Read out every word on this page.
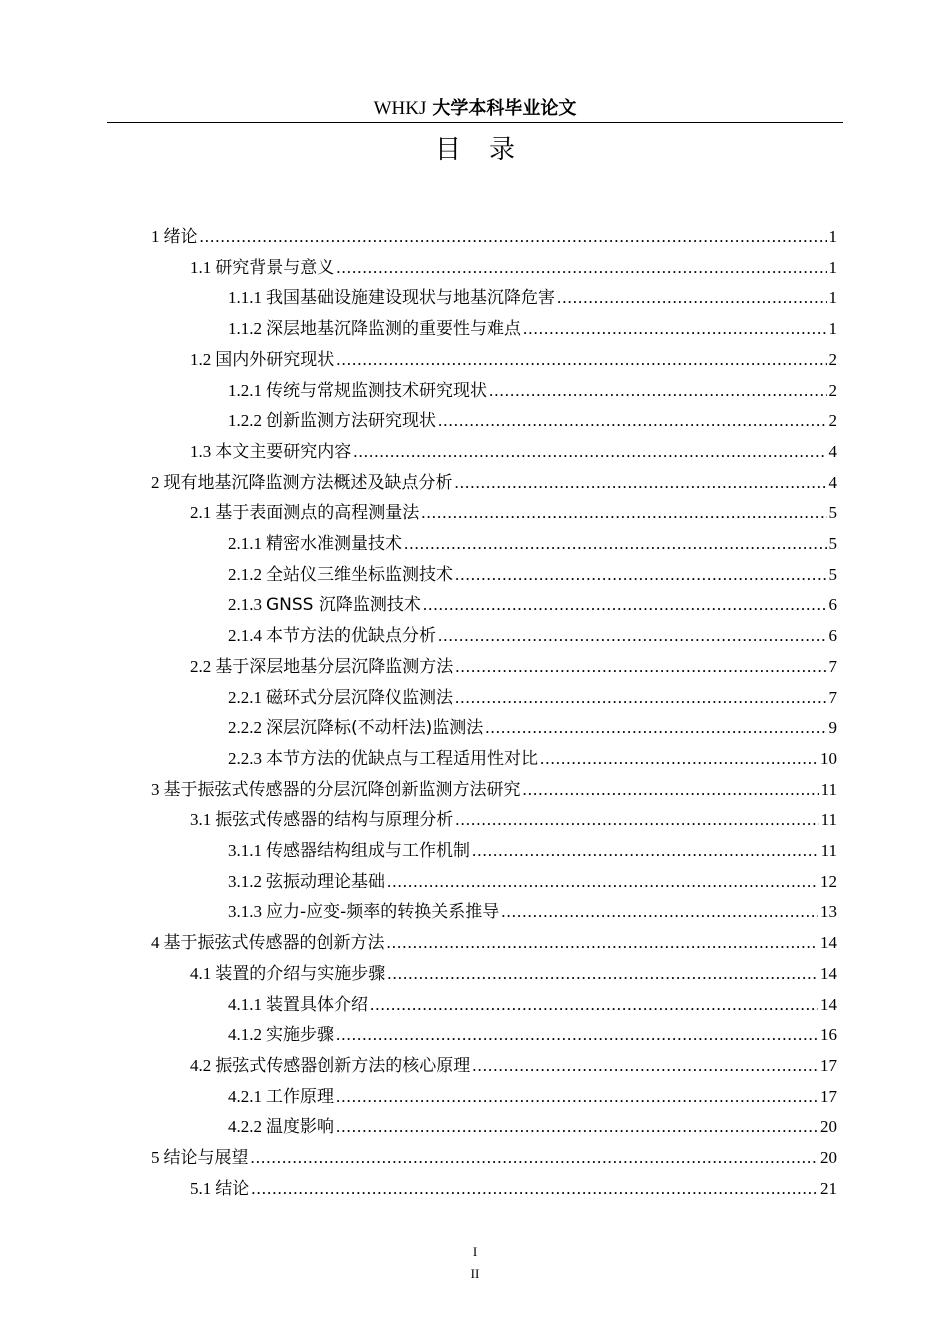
WHKJ 大学本科毕业论文
目录
1 绪论 .....	1
1.1 研究背景与意义 .....	1
1.1.1 我国基础设施建设现状与地基沉降危害 .....	1
1.1.2 深层地基沉降监测的重要性与难点 .....	1
1.2 国内外研究现状 .....	2
1.2.1 传统与常规监测技术研究现状 .....	2
1.2.2 创新监测方法研究现状 .....	2
1.3 本文主要研究内容 .....	4
2 现有地基沉降监测方法概述及缺点分析 .....	4
2.1 基于表面测点的高程测量法 .....	5
2.1.1 精密水准测量技术 .....	5
2.1.2 全站仪三维坐标监测技术 .....	5
2.1.3 GNSS 沉降监测技术 .....	6
2.1.4 本节方法的优缺点分析 .....	6
2.2 基于深层地基分层沉降监测方法 .....	7
2.2.1 磁环式分层沉降仪监测法 .....	7
2.2.2 深层沉降标(不动杆法)监测法 .....	9
2.2.3 本节方法的优缺点与工程适用性对比 .....	10
3 基于振弦式传感器的分层沉降创新监测方法研究 .....	11
3.1 振弦式传感器的结构与原理分析 .....	11
3.1.1 传感器结构组成与工作机制 .....	11
3.1.2 弦振动理论基础 .....	12
3.1.3 应力-应变-频率的转换关系推导 .....	13
4 基于振弦式传感器的创新方法 .....	14
4.1 装置的介绍与实施步骤 .....	14
4.1.1 装置具体介绍 .....	14
4.1.2 实施步骤 .....	16
4.2 振弦式传感器创新方法的核心原理 .....	17
4.2.1 工作原理 .....	17
4.2.2 温度影响 .....	20
5 结论与展望 .....	20
5.1 结论 .....	21
I
II
